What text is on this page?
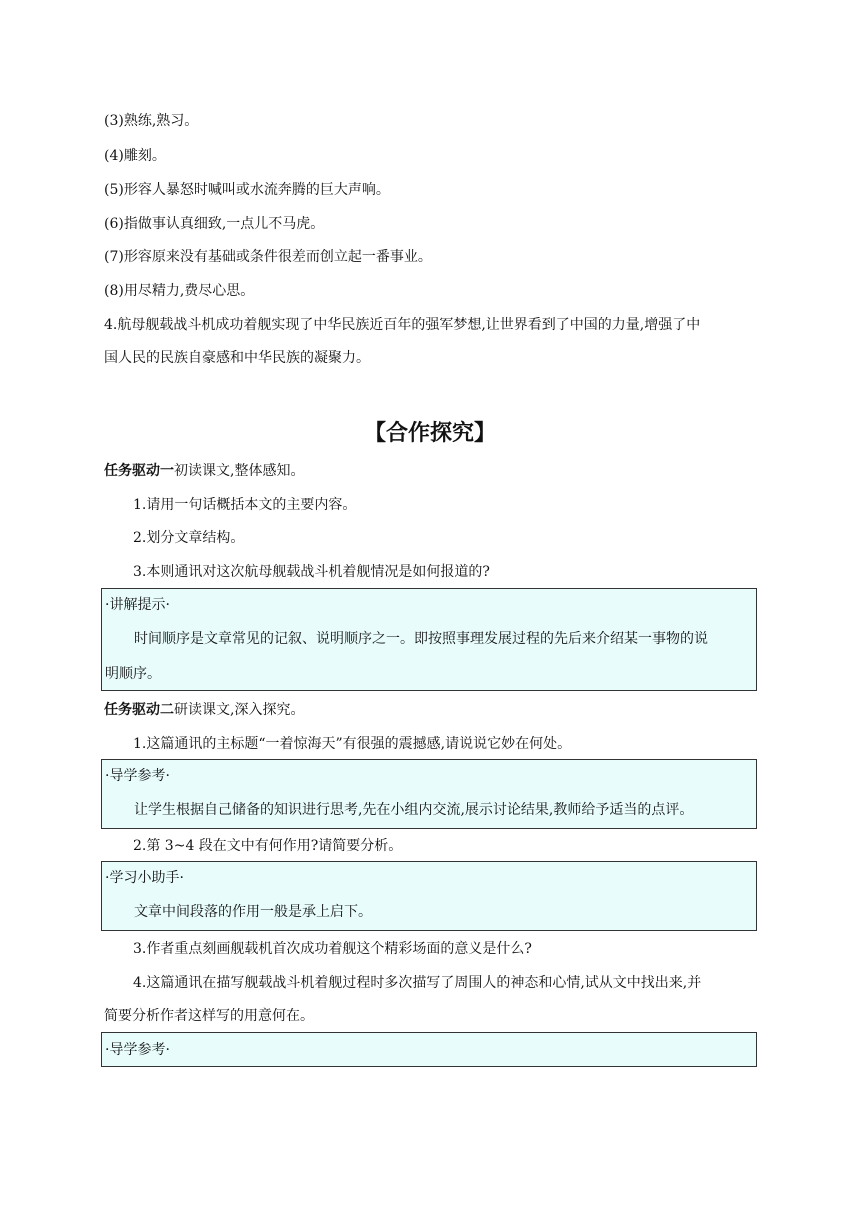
(3)熟练,熟习。
(4)雕刻。
(5)形容人暴怒时喊叫或水流奔腾的巨大声响。
(6)指做事认真细致,一点儿不马虎。
(7)形容原来没有基础或条件很差而创立起一番事业。
(8)用尽精力,费尽心思。
4.航母舰载战斗机成功着舰实现了中华民族近百年的强军梦想,让世界看到了中国的力量,增强了中
国人民的民族自豪感和中华民族的凝聚力。
【合作探究】
任务驱动一初读课文,整体感知。
1.请用一句话概括本文的主要内容。
2.划分文章结构。
3.本则通讯对这次航母舰载战斗机着舰情况是如何报道的?
·讲解提示·
时间顺序是文章常见的记叙、说明顺序之一。即按照事理发展过程的先后来介绍某一事物的说
明顺序。
任务驱动二研读课文,深入探究。
1.这篇通讯的主标题“一着惊海天”有很强的震撼感,请说说它妙在何处。
·导学参考·
让学生根据自己储备的知识进行思考,先在小组内交流,展示讨论结果,教师给予适当的点评。
2.第 3~4 段在文中有何作用?请简要分析。
·学习小助手·
文章中间段落的作用一般是承上启下。
3.作者重点刻画舰载机首次成功着舰这个精彩场面的意义是什么?
4.这篇通讯在描写舰载战斗机着舰过程时多次描写了周围人的神态和心情,试从文中找出来,并
简要分析作者这样写的用意何在。
·导学参考·
